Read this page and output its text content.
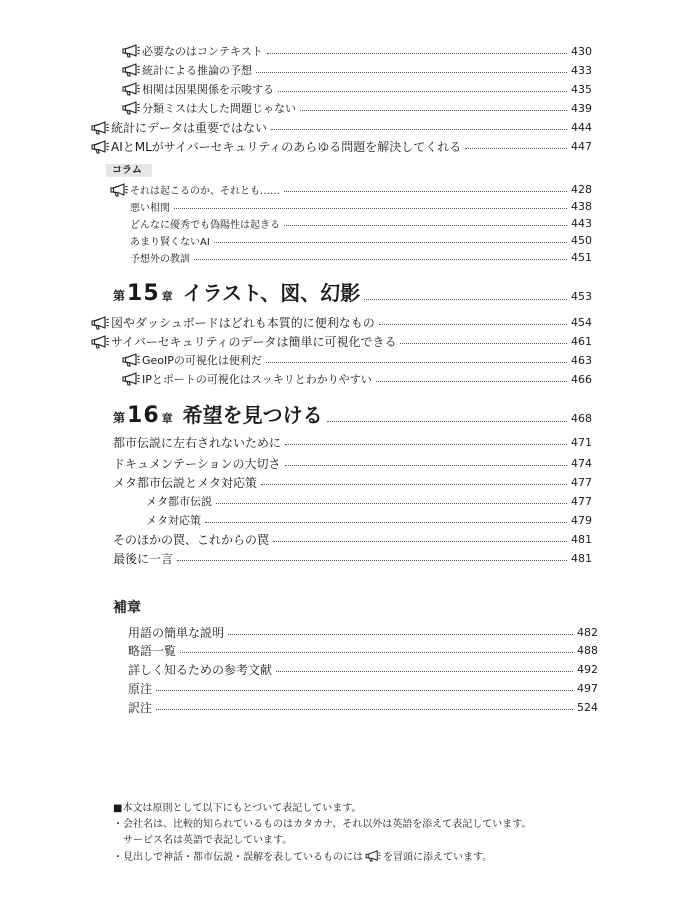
必要なのはコンテキスト	430
統計による推論の予想	433
相関は因果関係を示唆する	435
分類ミスは大した問題じゃない	439
統計にデータは重要ではない	444
AIとMLがサイバーセキュリティのあらゆる問題を解決してくれる	447
コラム
それは起こるのか、それとも……	428
悪い相関	438
どんなに優秀でも偽陽性は起きる	443
あまり賢くないAI	450
予想外の教訓	451
第 15 章 イラスト、図、幻影	453
図やダッシュボードはどれも本質的に便利なもの	454
サイバーセキュリティのデータは簡単に可視化できる	461
GeoIPの可視化は便利だ	463
IPとポートの可視化はスッキリとわかりやすい	466
第 16 章 希望を見つける	468
都市伝説に左右されないために	471
ドキュメンテーションの大切さ	474
メタ都市伝説とメタ対応策	477
メタ都市伝説	477
メタ対応策	479
そのほかの罠、これからの罠	481
最後に一言	481
補章
用語の簡単な説明	482
略語一覧	488
詳しく知るための参考文献	492
原注	497
訳注	524
■本文は原則として以下にもとづいて表記しています。
・会社名は、比較的知られているものはカタカナ、それ以外は英語を添えて表記しています。
サービス名は英語で表記しています。
・見出しで神話・都市伝説・誤解を表しているものには を冒頭に添えています。
